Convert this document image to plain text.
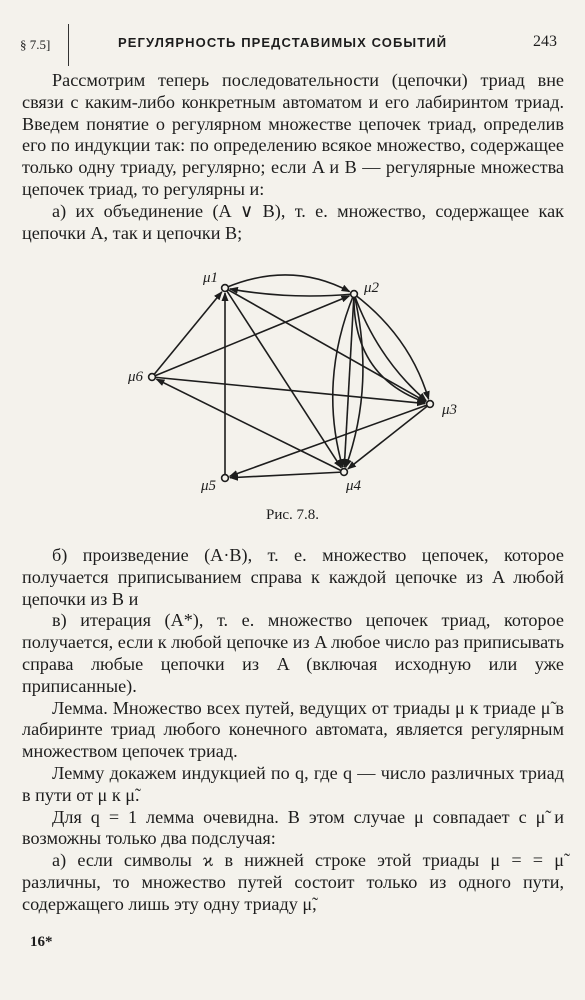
§ 7.5]	РЕГУЛЯРНОСТЬ ПРЕДСТАВИМЫХ СОБЫТИЙ	243

Рассмотрим теперь последовательности (цепочки) триад вне связи с каким-либо конкретным автоматом и его лабиринтом триад. Введем понятие о регулярном множестве цепочек триад, определив его по индукции так: по определению всякое множество, содержащее только одну триаду, регулярно; если A и B — регулярные множества цепочек триад, то регулярны и:

а) их объединение (A ∨ B), т. е. множество, содержащее как цепочки A, так и цепочки B;

μ1
μ2
μ3
μ4
μ5
μ6
Рис. 7.8.

б) произведение (A·B), т. е. множество цепочек, которое получается приписыванием справа к каждой цепочке из A любой цепочки из B и

в) итерация (A*), т. е. множество цепочек триад, которое получается, если к любой цепочке из A любое число раз приписывать справа любые цепочки из A (включая исходную или уже приписанные).

Лемма. Множество всех путей, ведущих от триады μ к триаде μ̃ в лабиринте триад любого конечного автомата, является регулярным множеством цепочек триад.

Лемму докажем индукцией по q, где q — число различных триад в пути от μ к μ̃.

Для q = 1 лемма очевидна. В этом случае μ совпадает с μ̃ и возможны только два подслучая:

а) если символы ϰ в нижней строке этой триады μ = = μ̃ различны, то множество путей состоит только из одного пути, содержащего лишь эту одну триаду μ̃,

16*
